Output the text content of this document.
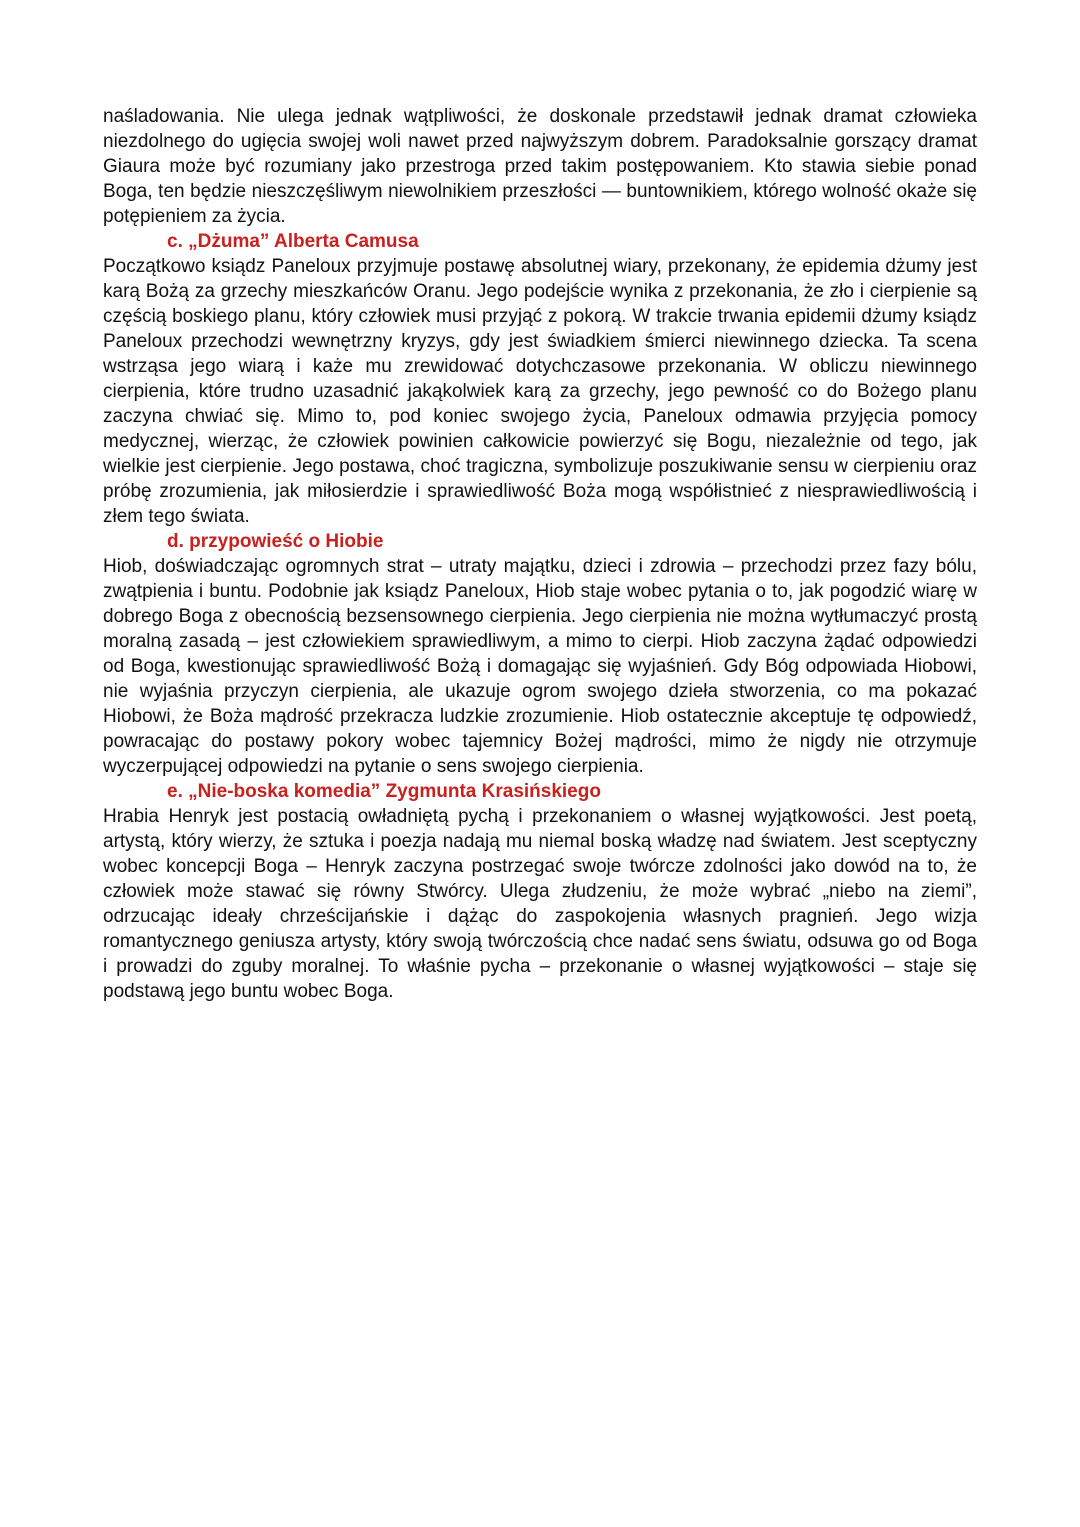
naśladowania. Nie ulega jednak wątpliwości, że doskonale przedstawił jednak dramat człowieka niezdolnego do ugięcia swojej woli nawet przed najwyższym dobrem. Paradoksalnie gorszący dramat Giaura może być rozumiany jako przestroga przed takim postępowaniem. Kto stawia siebie ponad Boga, ten będzie nieszczęśliwym niewolnikiem przeszłości — buntownikiem, którego wolność okaże się potępieniem za życia.

c. „Dżuma” Alberta Camusa

Początkowo ksiądz Paneloux przyjmuje postawę absolutnej wiary, przekonany, że epidemia dżumy jest karą Bożą za grzechy mieszkańców Oranu. Jego podejście wynika z przekonania, że zło i cierpienie są częścią boskiego planu, który człowiek musi przyjąć z pokorą. W trakcie trwania epidemii dżumy ksiądz Paneloux przechodzi wewnętrzny kryzys, gdy jest świadkiem śmierci niewinnego dziecka. Ta scena wstrząsa jego wiarą i każe mu zrewidować dotychczasowe przekonania. W obliczu niewinnego cierpienia, które trudno uzasadnić jakąkolwiek karą za grzechy, jego pewność co do Bożego planu zaczyna chwiać się. Mimo to, pod koniec swojego życia, Paneloux odmawia przyjęcia pomocy medycznej, wierząc, że człowiek powinien całkowicie powierzyć się Bogu, niezależnie od tego, jak wielkie jest cierpienie. Jego postawa, choć tragiczna, symbolizuje poszukiwanie sensu w cierpieniu oraz próbę zrozumienia, jak miłosierdzie i sprawiedliwość Boża mogą współistnieć z niesprawiedliwością i złem tego świata.

d. przypowieść o Hiobie

Hiob, doświadczając ogromnych strat – utraty majątku, dzieci i zdrowia – przechodzi przez fazy bólu, zwątpienia i buntu. Podobnie jak ksiądz Paneloux, Hiob staje wobec pytania o to, jak pogodzić wiarę w dobrego Boga z obecnością bezsensownego cierpienia. Jego cierpienia nie można wytłumaczyć prostą moralną zasadą – jest człowiekiem sprawiedliwym, a mimo to cierpi. Hiob zaczyna żądać odpowiedzi od Boga, kwestionując sprawiedliwość Bożą i domagając się wyjaśnień. Gdy Bóg odpowiada Hiobowi, nie wyjaśnia przyczyn cierpienia, ale ukazuje ogrom swojego dzieła stworzenia, co ma pokazać Hiobowi, że Boża mądrość przekracza ludzkie zrozumienie. Hiob ostatecznie akceptuje tę odpowiedź, powracając do postawy pokory wobec tajemnicy Bożej mądrości, mimo że nigdy nie otrzymuje wyczerpującej odpowiedzi na pytanie o sens swojego cierpienia.

e. „Nie-boska komedia” Zygmunta Krasińskiego

Hrabia Henryk jest postacią owładniętą pychą i przekonaniem o własnej wyjątkowości. Jest poetą, artystą, który wierzy, że sztuka i poezja nadają mu niemal boską władzę nad światem. Jest sceptyczny wobec koncepcji Boga – Henryk zaczyna postrzegać swoje twórcze zdolności jako dowód na to, że człowiek może stawać się równy Stwórcy. Ulega złudzeniu, że może wybrać „niebo na ziemi”, odrzucając ideały chrześcijańskie i dążąc do zaspokojenia własnych pragnień. Jego wizja romantycznego geniusza artysty, który swoją twórczością chce nadać sens światu, odsuwa go od Boga i prowadzi do zguby moralnej. To właśnie pycha – przekonanie o własnej wyjątkowości – staje się podstawą jego buntu wobec Boga.
